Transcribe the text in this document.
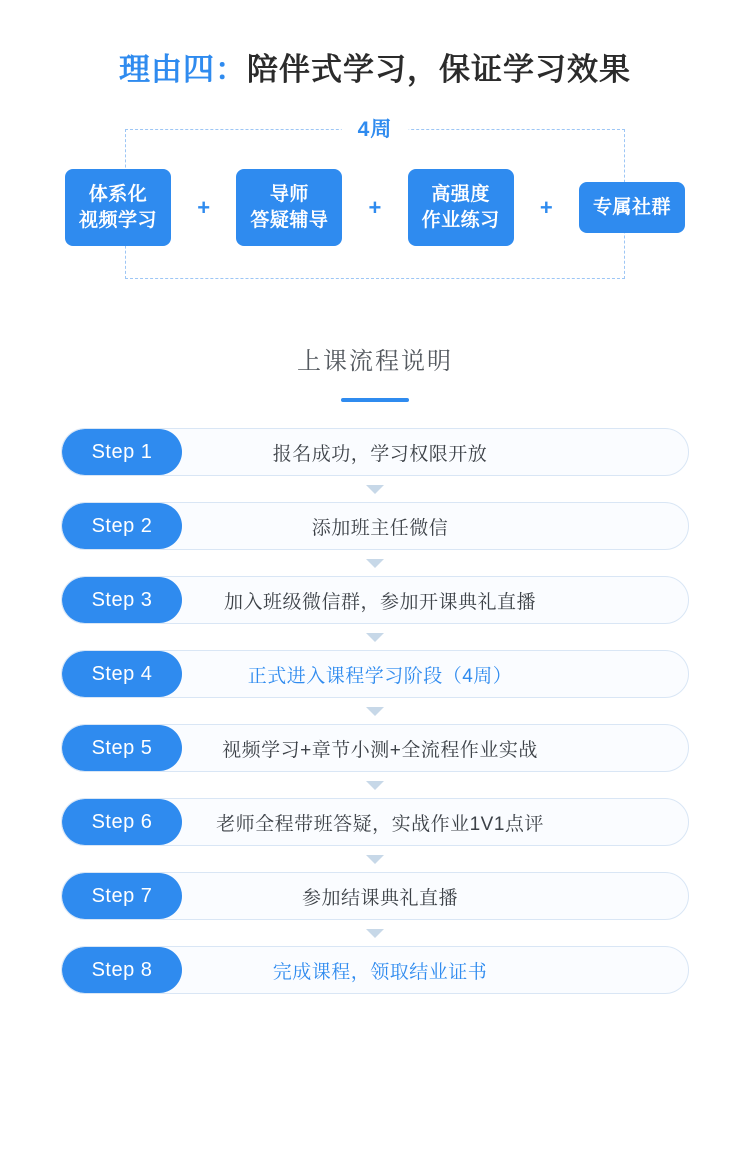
理由四： 陪伴式学习，保证学习效果
4周
体系化
视频学习
+
导师
答疑辅导
+
高强度
作业练习
+	专属社群
上课流程说明
Step 1	报名成功，学习权限开放
Step 2	添加班主任微信
Step 3	加入班级微信群，参加开课典礼直播
Step 4	正式进入课程学习阶段（4周）
Step 5	视频学习+章节小测+全流程作业实战
Step 6	老师全程带班答疑，实战作业1V1点评
Step 7	参加结课典礼直播
Step 8	完成课程，领取结业证书
